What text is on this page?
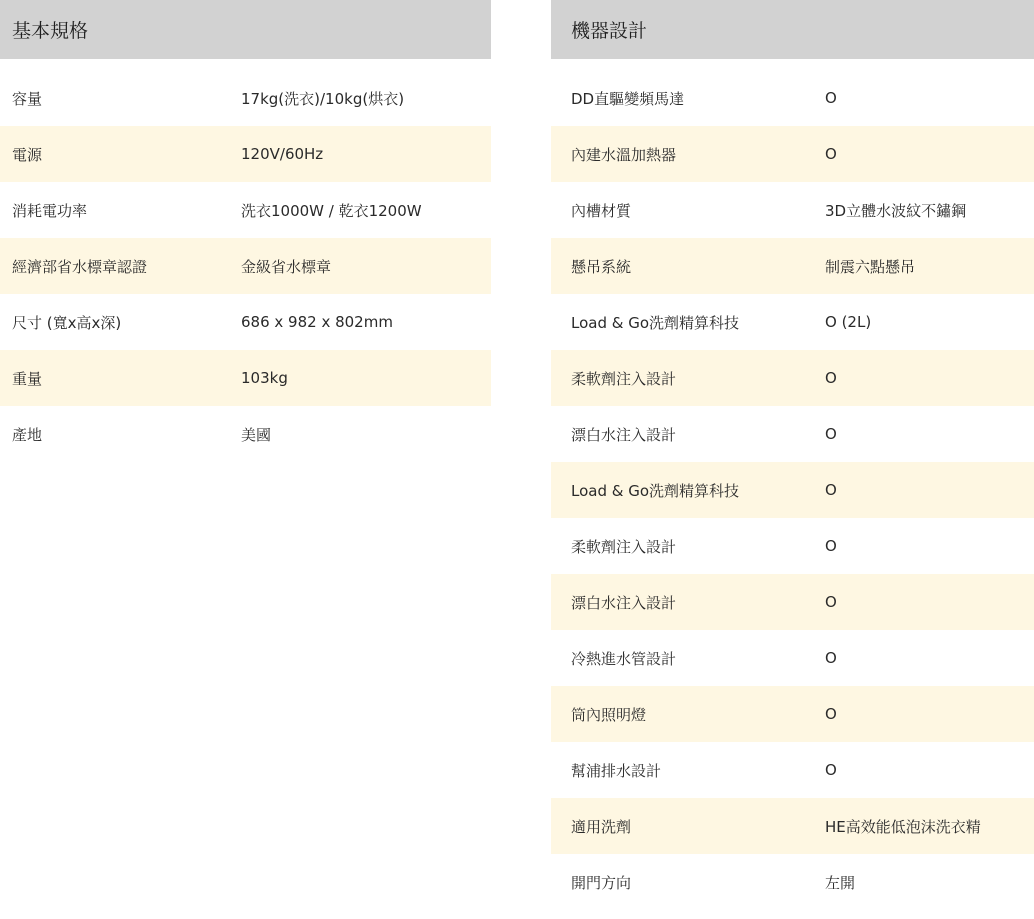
基本規格
容量	17kg(洗衣)/10kg(烘衣)
電源	120V/60Hz
消耗電功率	洗衣1000W / 乾衣1200W
經濟部省水標章認證	金級省水標章
尺寸 (寬x高x深)	686 x 982 x 802mm
重量	103kg
產地	美國
機器設計
DD直驅變頻馬達	O
內建水溫加熱器	O
內槽材質	3D立體水波紋不鏽鋼
懸吊系統	制震六點懸吊
Load & Go洗劑精算科技	O (2L)
柔軟劑注入設計	O
漂白水注入設計	O
Load & Go洗劑精算科技	O
柔軟劑注入設計	O
漂白水注入設計	O
冷熱進水管設計	O
筒內照明燈	O
幫浦排水設計	O
適用洗劑	HE高效能低泡沫洗衣精
開門方向	左開
